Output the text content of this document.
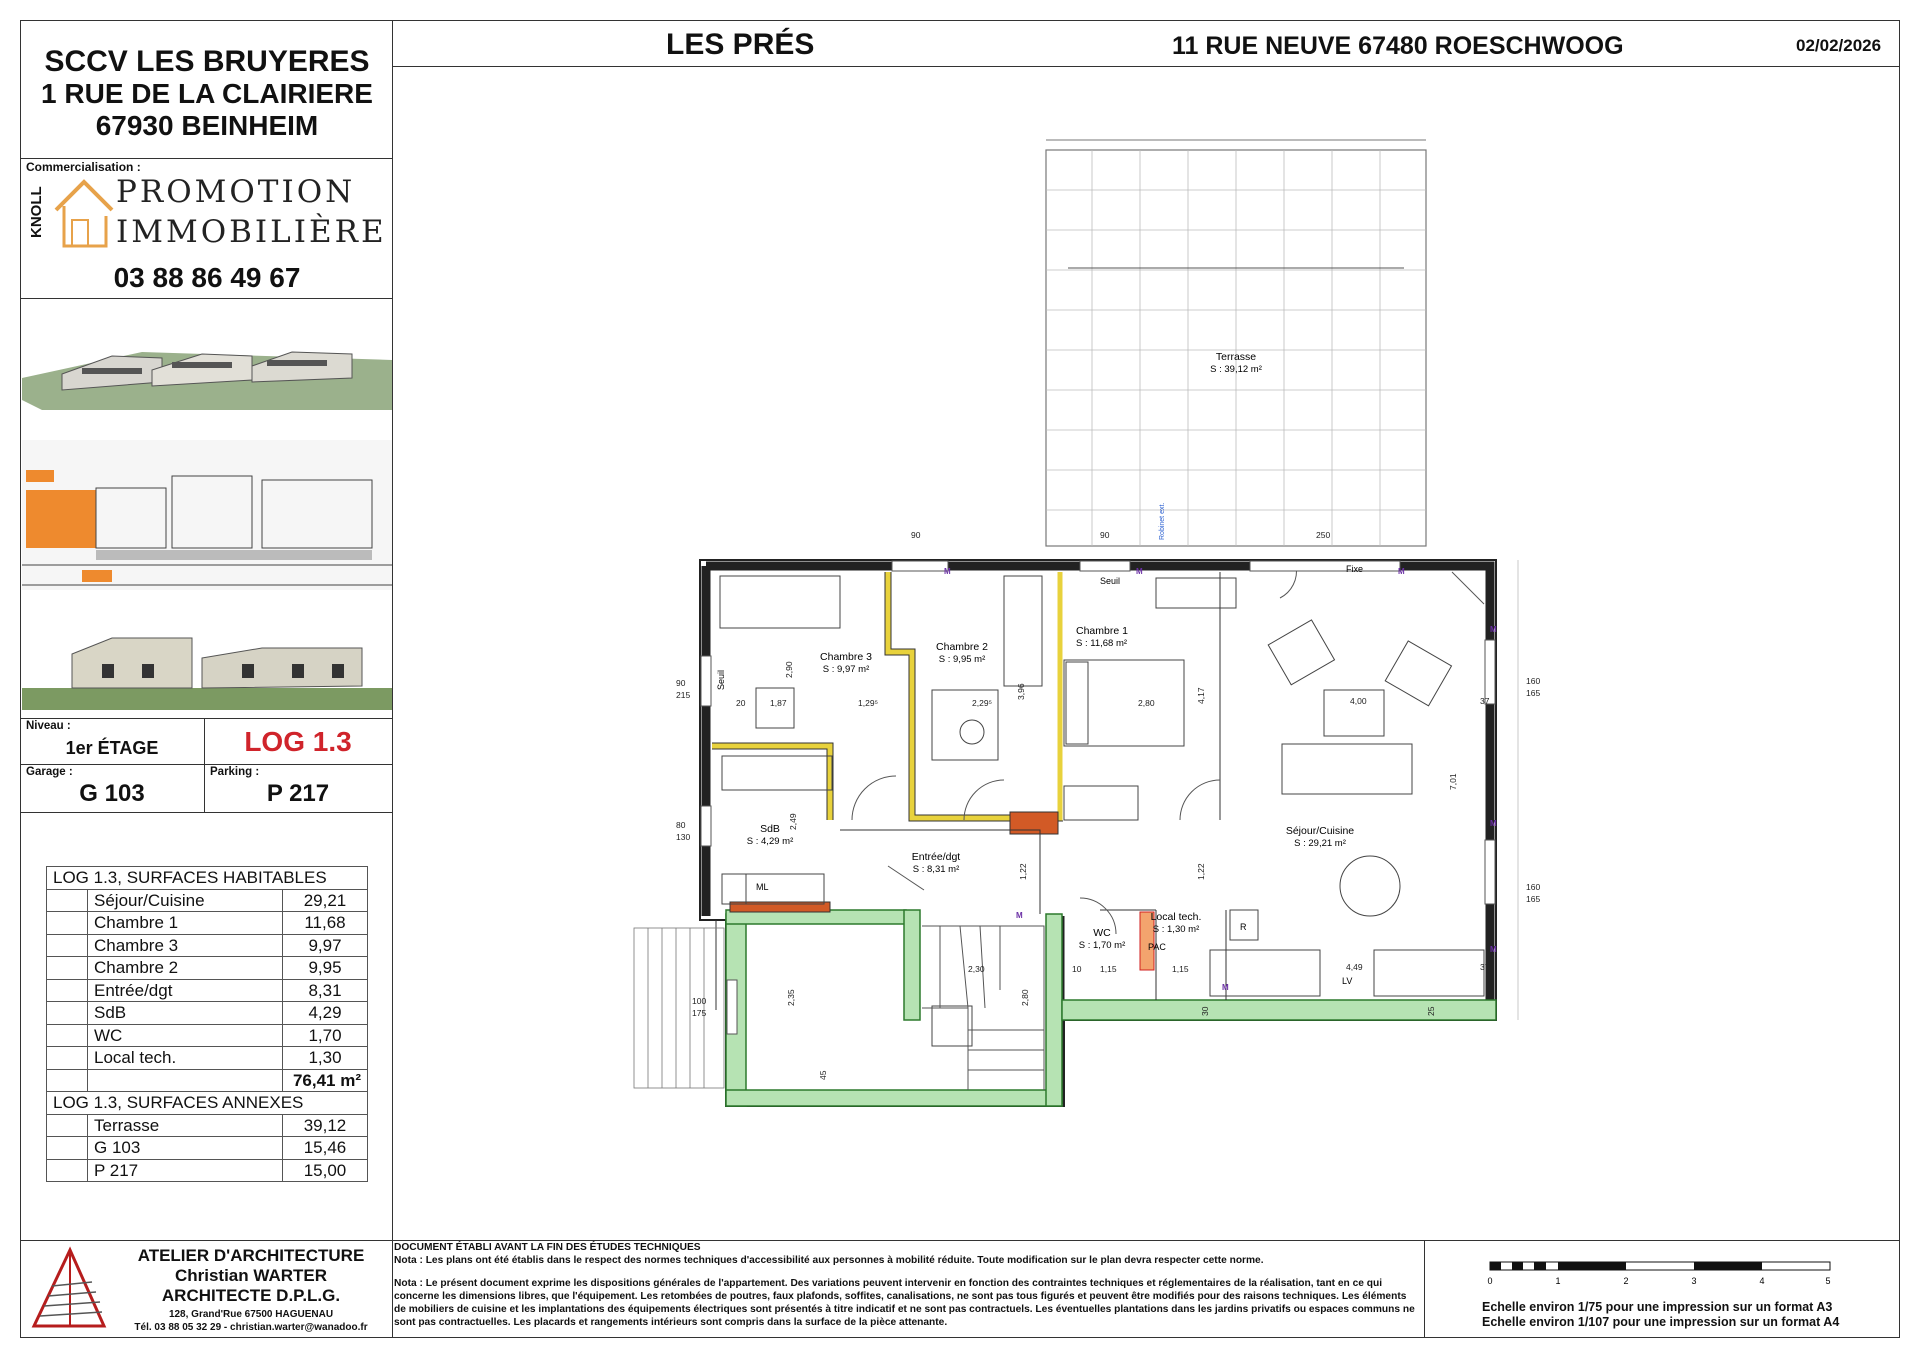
LES PRÉS	11 RUE NEUVE 67480 ROESCHWOOG	02/02/2026
SCCV LES BRUYERES
1 RUE DE LA CLAIRIERE
67930 BEINHEIM
Commercialisation :
KNOLL PROMOTION
IMMOBILIÈRE
03 88 86 49 67
Niveau :
1er ÉTAGE	LOG 1.3
Garage :
G 103
Parking :
P 217
LOG 1.3, SURFACES HABITABLES		
	Séjour/Cuisine	29,21
	Chambre 1	11,68
	Chambre 3	9,97
	Chambre 2	9,95
	Entrée/dgt	8,31
	SdB	4,29
	WC	1,70
	Local tech.	1,30
		76,41 m²
LOG 1.3, SURFACES ANNEXES		
	Terrasse	39,12
	G 103	15,46
	P 217	15,00
Terrasse
S : 39,12 m²
Chambre 3
S : 9,97 m²
Chambre 2
S : 9,95 m²
Chambre 1
S : 11,68 m²
SdB
S : 4,29 m²
Entrée/dgt
S : 8,31 m²
Séjour/Cuisine
S : 29,21 m²
WC
S : 1,70 m²
Local tech.
S : 1,30 m²
ML
LV
PAC
R
Seuil
Fixe
Seuil
Robinet ext.
90
215
80
130
100
175
160
165
160
165
90	90	250
1,87	1,29⁵	2,29⁵	2,80	4,00
2,30	1,15	1,15	4,49
10	37
37
20
2,90
3,96	4,17
7,01
2,49
1,22	1,22
2,35	2,80
30	25
45
M	M	M
M
M
M
M
M
ATELIER D'ARCHITECTURE
Christian WARTER
ARCHITECTE D.P.L.G.
128, Grand'Rue 67500 HAGUENAU
Tél. 03 88 05 32 29 - christian.warter@wanadoo.fr

DOCUMENT ÉTABLI AVANT LA FIN DES ÉTUDES TECHNIQUES

Nota : Les plans ont été établis dans le respect des normes techniques d'accessibilité aux personnes à mobilité réduite. Toute modification sur le plan devra respecter cette norme.

Nota : Le présent document exprime les dispositions générales de l'appartement. Des variations peuvent intervenir en fonction des contraintes techniques et réglementaires de la réalisation, tant en ce qui concerne les dimensions libres, que l'équipement. Les retombées de poutres, faux plafonds, soffites, canalisations, ne sont pas tous figurés et peuvent être modifiés pour des raisons techniques. Les éléments de mobiliers de cuisine et les implantations des équipements électriques sont présentés à titre indicatif et ne sont pas contractuels. Les éventuelles plantations dans les jardins privatifs ou espaces communs ne sont pas contractuelles. Les placards et rangements intérieurs sont compris dans la surface de la pièce attenante.

0	1	2	3	4	5
Echelle environ 1/75 pour une impression sur un format A3
Echelle environ 1/107 pour une impression sur un format A4
